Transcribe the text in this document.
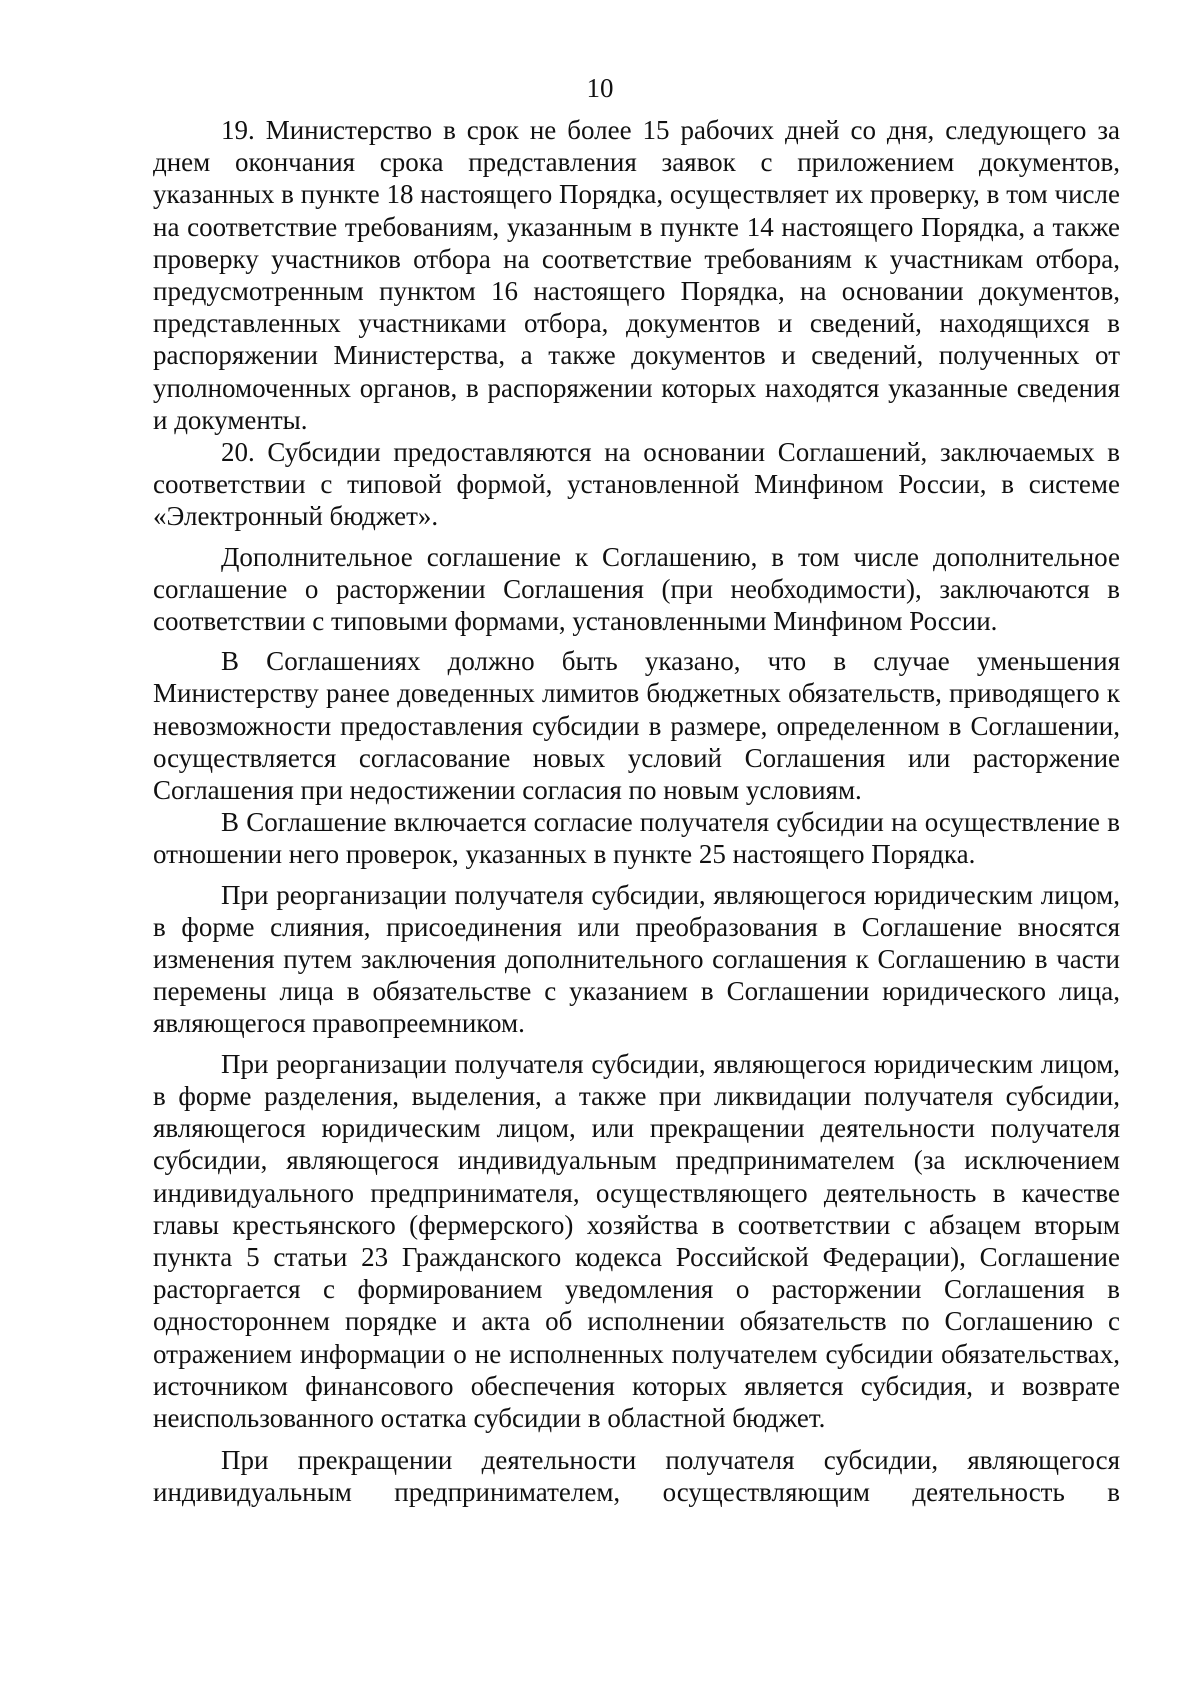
10

19. Министерство в срок не более 15 рабочих дней со дня, следующего за днем окончания срока представления заявок с приложением документов, указанных в пункте 18 настоящего Порядка, осуществляет их проверку, в том числе на соответствие требованиям, указанным в пункте 14 настоящего Порядка, а также проверку участников отбора на соответствие требованиям к участникам отбора, предусмотренным пунктом 16 настоящего Порядка, на основании документов, представленных участниками отбора, документов и сведений, находящихся в распоряжении Министерства, а также документов и сведений, полученных от уполномоченных органов, в распоряжении которых находятся указанные сведения и документы.

20. Субсидии предоставляются на основании Соглашений, заключаемых в соответствии с типовой формой, установленной Минфином России, в системе «Электронный бюджет».

Дополнительное соглашение к Соглашению, в том числе дополнительное соглашение о расторжении Соглашения (при необходимости), заключаются в соответствии с типовыми формами, установленными Минфином России.

В Соглашениях должно быть указано, что в случае уменьшения Министерству ранее доведенных лимитов бюджетных обязательств, приводящего к невозможности предоставления субсидии в размере, определенном в Соглашении, осуществляется согласование новых условий Соглашения или расторжение Соглашения при недостижении согласия по новым условиям.

В Соглашение включается согласие получателя субсидии на осуществление в отношении него проверок, указанных в пункте 25 настоящего Порядка.

При реорганизации получателя субсидии, являющегося юридическим лицом, в форме слияния, присоединения или преобразования в Соглашение вносятся изменения путем заключения дополнительного соглашения к Соглашению в части перемены лица в обязательстве с указанием в Соглашении юридического лица, являющегося правопреемником.

При реорганизации получателя субсидии, являющегося юридическим лицом, в форме разделения, выделения, а также при ликвидации получателя субсидии, являющегося юридическим лицом, или прекращении деятельности получателя субсидии, являющегося индивидуальным предпринимателем (за исключением индивидуального предпринимателя, осуществляющего деятельность в качестве главы крестьянского (фермерского) хозяйства в соответствии с абзацем вторым пункта 5 статьи 23 Гражданского кодекса Российской Федерации), Соглашение расторгается с формированием уведомления о расторжении Соглашения в одностороннем порядке и акта об исполнении обязательств по Соглашению с отражением информации о не исполненных получателем субсидии обязательствах, источником финансового обеспечения которых является субсидия, и возврате неиспользованного остатка субсидии в областной бюджет.

При прекращении деятельности получателя субсидии, являющегося индивидуальным предпринимателем, осуществляющим деятельность в
